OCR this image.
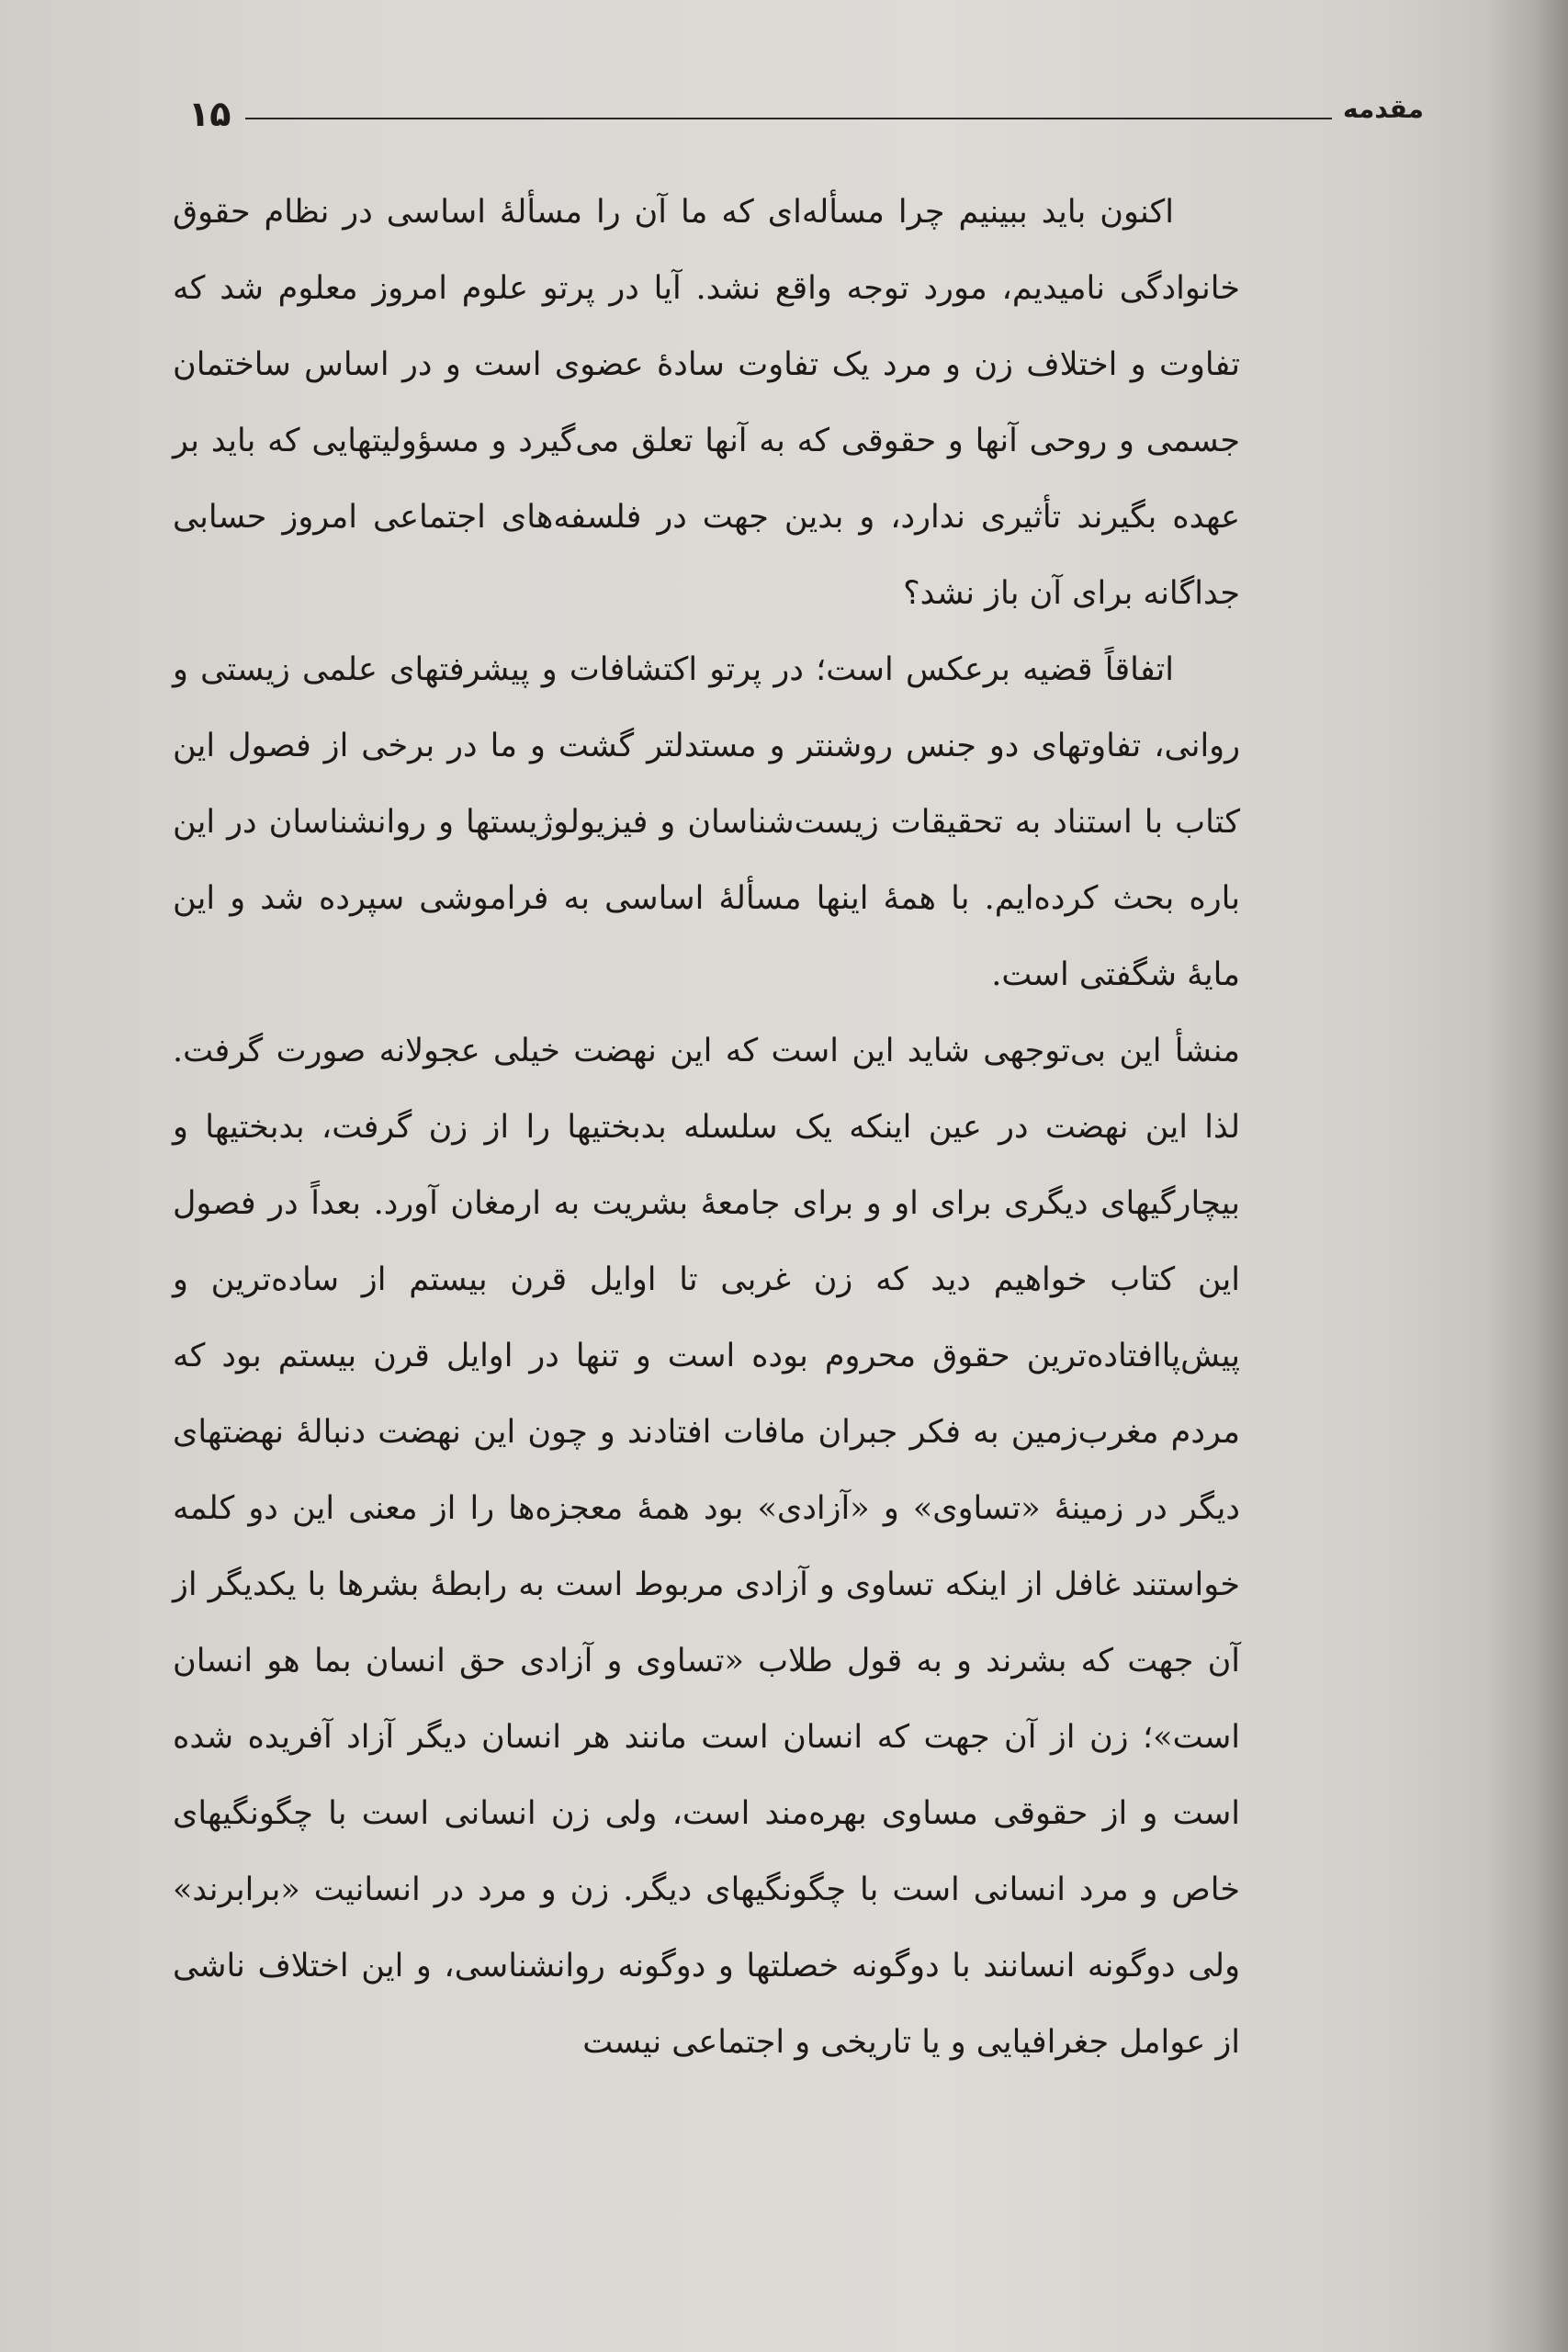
۱۵	مقدمه

اکنون باید ببینیم چرا مسأله‌ای که ما آن را مسألهٔ اساسی در نظام حقوق خانوادگی نامیدیم، مورد توجه واقع نشد. آیا در پرتو علوم امروز معلوم شد که تفاوت و اختلاف زن و مرد یک تفاوت سادهٔ عضوی است و در اساس ساختمان جسمی و روحی آنها و حقوقی که به آنها تعلق می‌گیرد و مسؤولیتهایی که باید بر عهده بگیرند تأثیری ندارد، و بدین جهت در فلسفه‌های اجتماعی امروز حسابی جداگانه برای آن باز نشد؟

اتفاقاً قضیه برعکس است؛ در پرتو اکتشافات و پیشرفتهای علمی زیستی و روانی، تفاوتهای دو جنس روشنتر و مستدلتر گشت و ما در برخی از فصول این کتاب با استناد به تحقیقات زیست‌شناسان و فیزیولوژیستها و روانشناسان در این باره بحث کرده‌ایم. با همهٔ اینها مسألهٔ اساسی به فراموشی سپرده شد و این مایهٔ شگفتی است.

منشأ این بی‌توجهی شاید این است که این نهضت خیلی عجولانه صورت گرفت. لذا این نهضت در عین اینکه یک سلسله بدبختیها را از زن گرفت، بدبختیها و بیچارگیهای دیگری برای او و برای جامعهٔ بشریت به ارمغان آورد. بعداً در فصول این کتاب خواهیم دید که زن غربی تا اوایل قرن بیستم از ساده‌ترین و پیش‌پاافتاده‌ترین حقوق محروم بوده است و تنها در اوایل قرن بیستم بود که مردم مغرب‌زمین به فکر جبران مافات افتادند و چون این نهضت دنبالهٔ نهضتهای دیگر در زمینهٔ «تساوی» و «آزادی» بود همهٔ معجزه‌ها را از معنی این دو کلمه خواستند غافل از اینکه تساوی و آزادی مربوط است به رابطهٔ بشرها با یکدیگر از آن جهت که بشرند و به قول طلاب «تساوی و آزادی حق انسان بما هو انسان است»؛ زن از آن جهت که انسان است مانند هر انسان دیگر آزاد آفریده شده است و از حقوقی مساوی بهره‌مند است، ولی زن انسانی است با چگونگیهای خاص و مرد انسانی است با چگونگیهای دیگر. زن و مرد در انسانیت «برابرند» ولی دوگونه انسانند با دوگونه خصلتها و دوگونه روانشناسی، و این اختلاف ناشی از عوامل جغرافیایی و یا تاریخی و اجتماعی نیست
